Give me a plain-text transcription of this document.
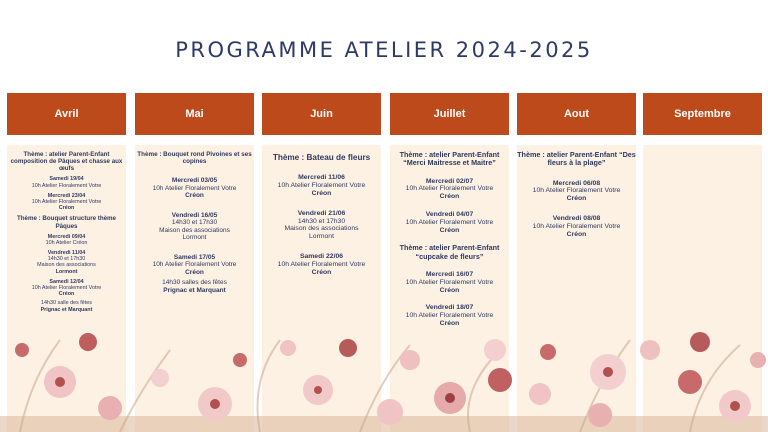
PROGRAMME ATELIER 2024-2025
Avril
Thème : atelier Parent-Enfant composition de Pâques et chasse aux œufs
Samedi 19/04
10h Atelier Floralement Votre
Mercredi 23/04
10h Atelier Floralement Votre
Créon
Thème : Bouquet structure thème Pâques
Mercredi 09/04
10h Atelier Créon
Vendredi 11/04
14h30 et 17h30
Maison des associations
Lormont
Samedi 12/04
10h Atelier Floralement Votre
Créon
14h30 salle des fêtes
Prignac et Marquant
Mai
Thème : Bouquet rond Pivoines et ses copines
Mercredi 03/05
10h Atelier Floralement Votre
Créon
Vendredi 16/05
14h30 et 17h30
Maison des associations
Lormont
Samedi 17/05
10h Atelier Floralement Votre
Créon
14h30 salles des fêtes
Prignac et Marquant
Juin
Thème : Bateau de fleurs
Mercredi 11/06
10h Atelier Floralement Votre
Créon
Vendredi 21/06
14h30 et 17h30
Maison des associations
Lormont
Samedi 22/06
10h Atelier Floralement Votre
Créon
Juillet
Thème : atelier Parent-Enfant “Merci Maitresse et Maitre”
Mercredi 02/07
10h Atelier Floralement Votre
Créon
Vendredi 04/07
10h Atelier Floralement Votre
Créon
Thème : atelier Parent-Enfant “cupcake de fleurs”
Mercredi 16/07
10h Atelier Floralement Votre
Créon
Vendredi 18/07
10h Atelier Floralement Votre
Créon
Aout
Thème : atelier Parent-Enfant “Des fleurs à la plage”
Mercredi 06/08
10h Atelier Floralement Votre
Créon
Vendredi 08/08
10h Atelier Floralement Votre
Créon
Septembre
